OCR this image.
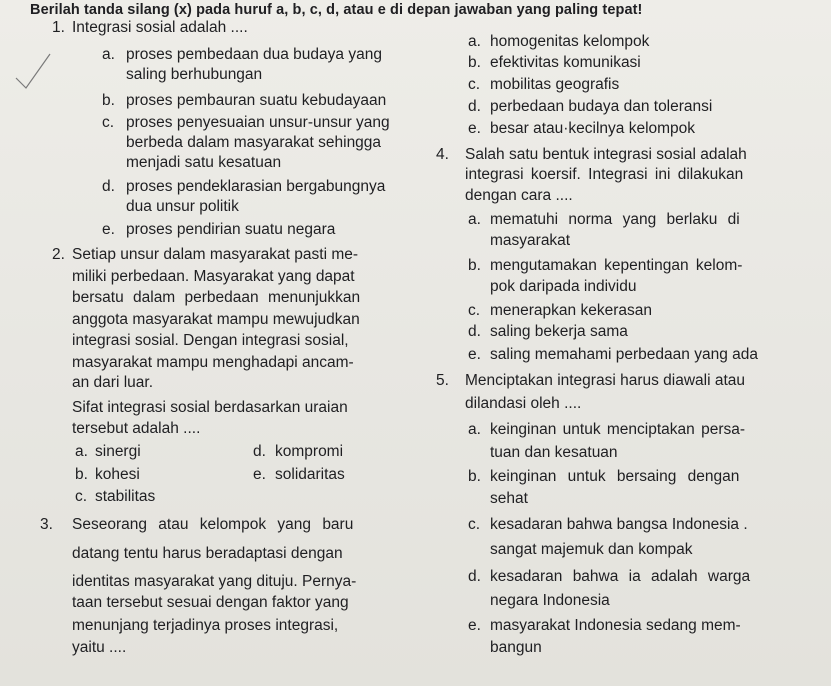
Berilah tanda silang (x) pada huruf a, b, c, d, atau e di depan jawaban yang paling tepat!
1. Integrasi sosial adalah ....
a. proses pembedaan dua budaya yang
saling berhubungan
b. proses pembauran suatu kebudayaan
c. proses penyesuaian unsur-unsur yang
berbeda dalam masyarakat sehingga
menjadi satu kesatuan
d. proses pendeklarasian bergabungnya
dua unsur politik
e. proses pendirian suatu negara
2. Setiap unsur dalam masyarakat pasti me-
miliki perbedaan. Masyarakat yang dapat
bersatu dalam perbedaan menunjukkan
anggota masyarakat mampu mewujudkan
integrasi sosial. Dengan integrasi sosial,
masyarakat mampu menghadapi ancam-
an dari luar.
Sifat integrasi sosial berdasarkan uraian
tersebut adalah ....
a. sinergi	d. kompromi
b. kohesi	e. solidaritas
c. stabilitas
3. Seseorang atau kelompok yang baru
datang tentu harus beradaptasi dengan
identitas masyarakat yang dituju. Pernya-
taan tersebut sesuai dengan faktor yang
menunjang terjadinya proses integrasi,
yaitu ....
a. homogenitas kelompok
b. efektivitas komunikasi
c. mobilitas geografis
d. perbedaan budaya dan toleransi
e. besar atau·kecilnya kelompok
4. Salah satu bentuk integrasi sosial adalah
integrasi koersif. Integrasi ini dilakukan
dengan cara ....
a. mematuhi norma yang berlaku di
masyarakat
b. mengutamakan kepentingan kelom-
pok daripada individu
c. menerapkan kekerasan
d. saling bekerja sama
e. saling memahami perbedaan yang ada
5. Menciptakan integrasi harus diawali atau
dilandasi oleh ....
a. keinginan untuk menciptakan persa-
tuan dan kesatuan
b. keinginan untuk bersaing dengan
sehat
c. kesadaran bahwa bangsa Indonesia .
sangat majemuk dan kompak
d. kesadaran bahwa ia adalah warga
negara Indonesia
e. masyarakat Indonesia sedang mem-
bangun
